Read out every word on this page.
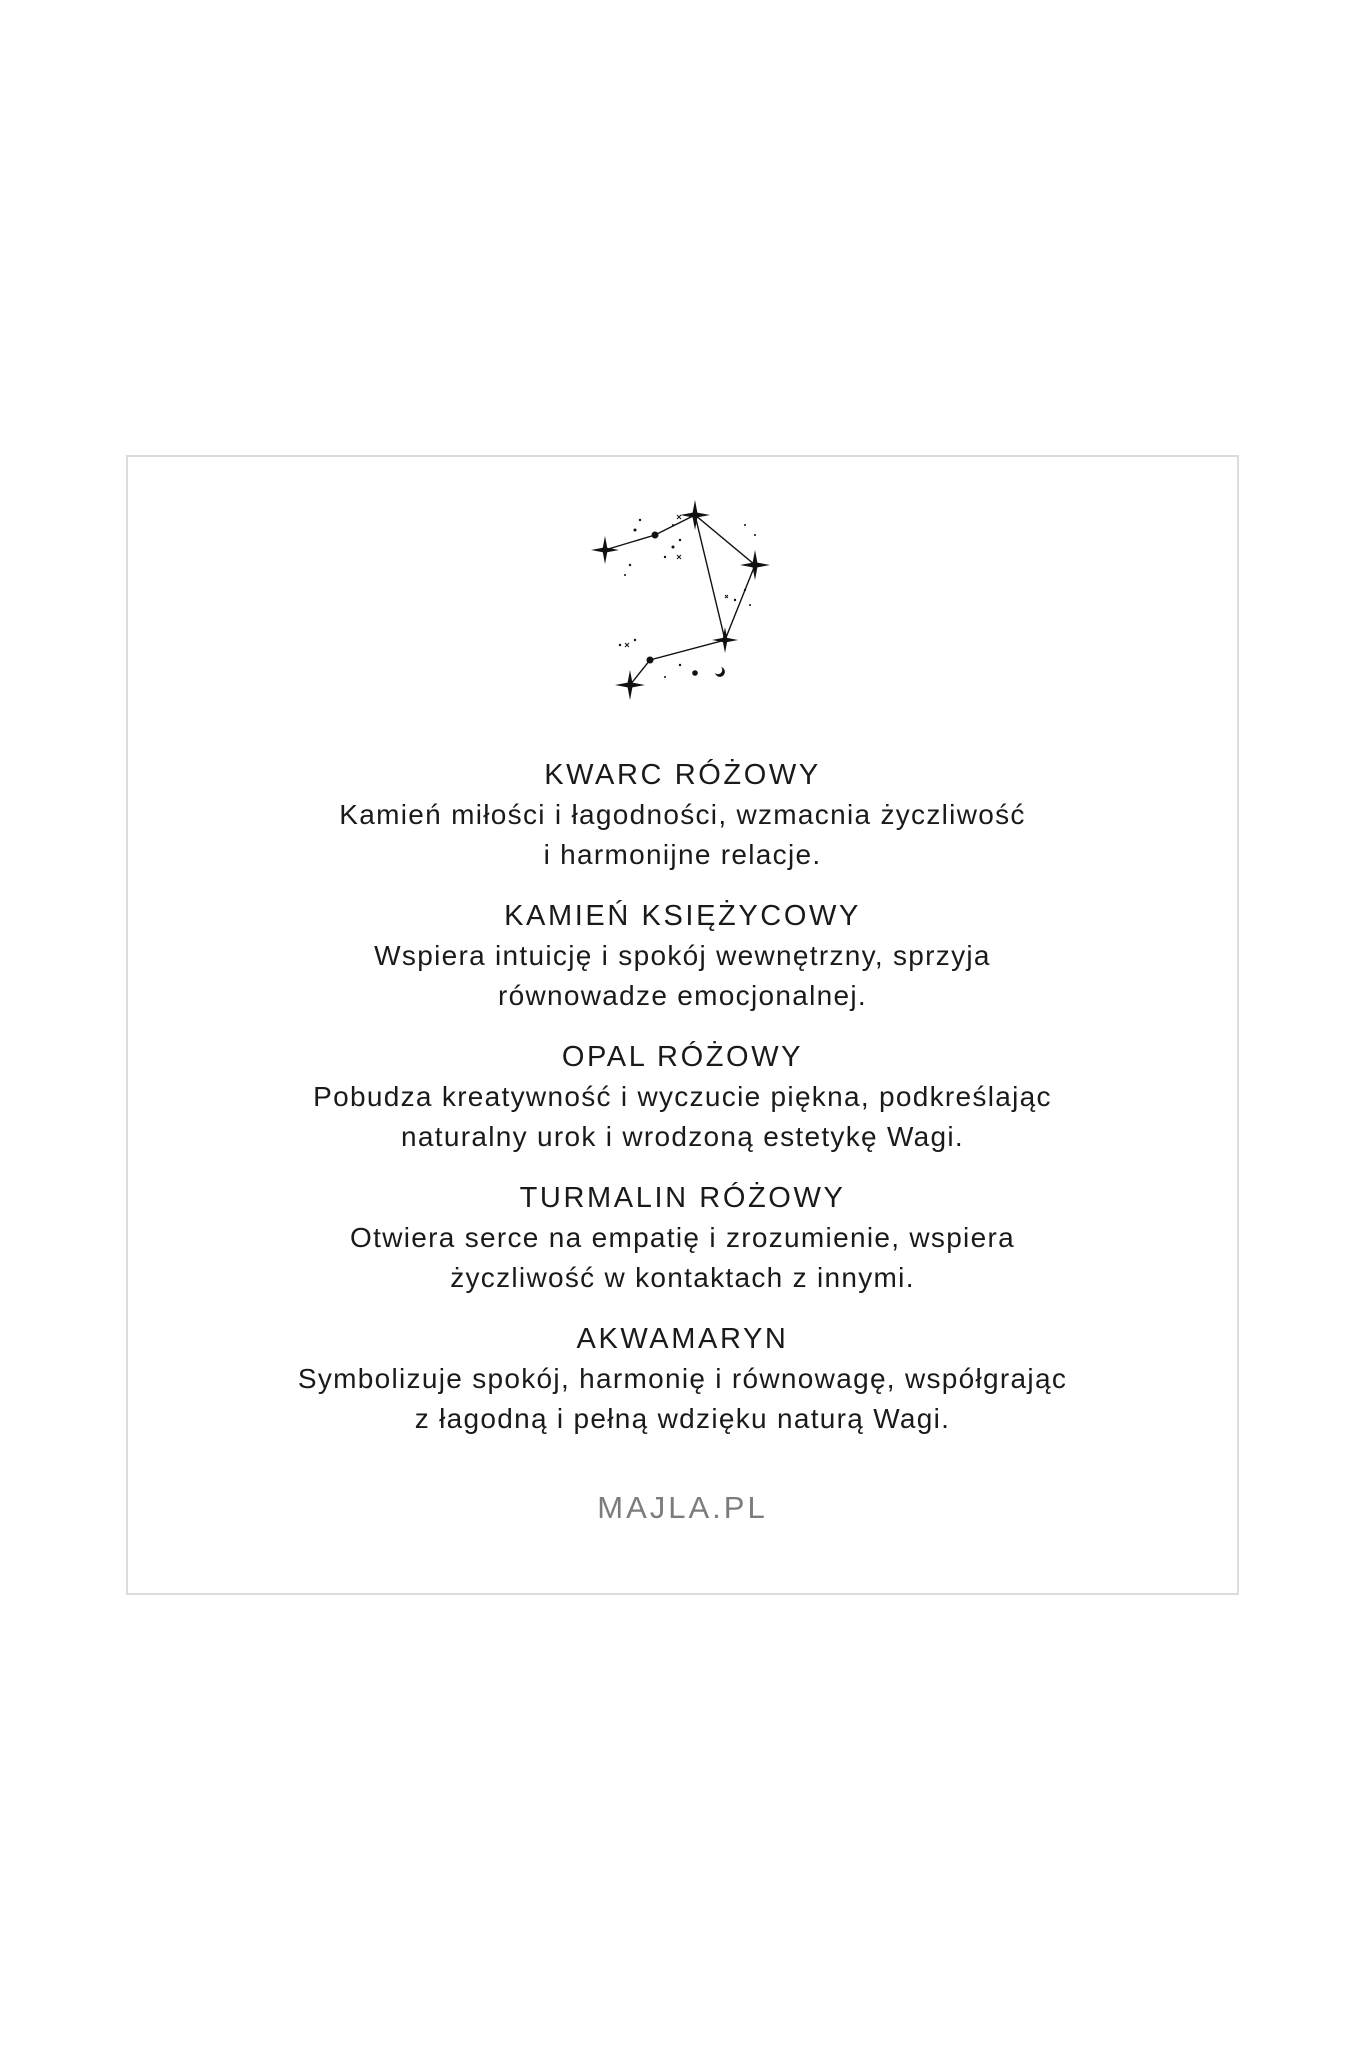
KWARC RÓŻOWY
Kamień miłości i łagodności, wzmacnia życzliwość
i harmonijne relacje.
KAMIEŃ KSIĘŻYCOWY
Wspiera intuicję i spokój wewnętrzny, sprzyja
równowadze emocjonalnej.
OPAL RÓŻOWY
Pobudza kreatywność i wyczucie piękna, podkreślając
naturalny urok i wrodzoną estetykę Wagi.
TURMALIN RÓŻOWY
Otwiera serce na empatię i zrozumienie, wspiera
życzliwość w kontaktach z innymi.
AKWAMARYN
Symbolizuje spokój, harmonię i równowagę, współgrając
z łagodną i pełną wdzięku naturą Wagi.
MAJLA.PL
